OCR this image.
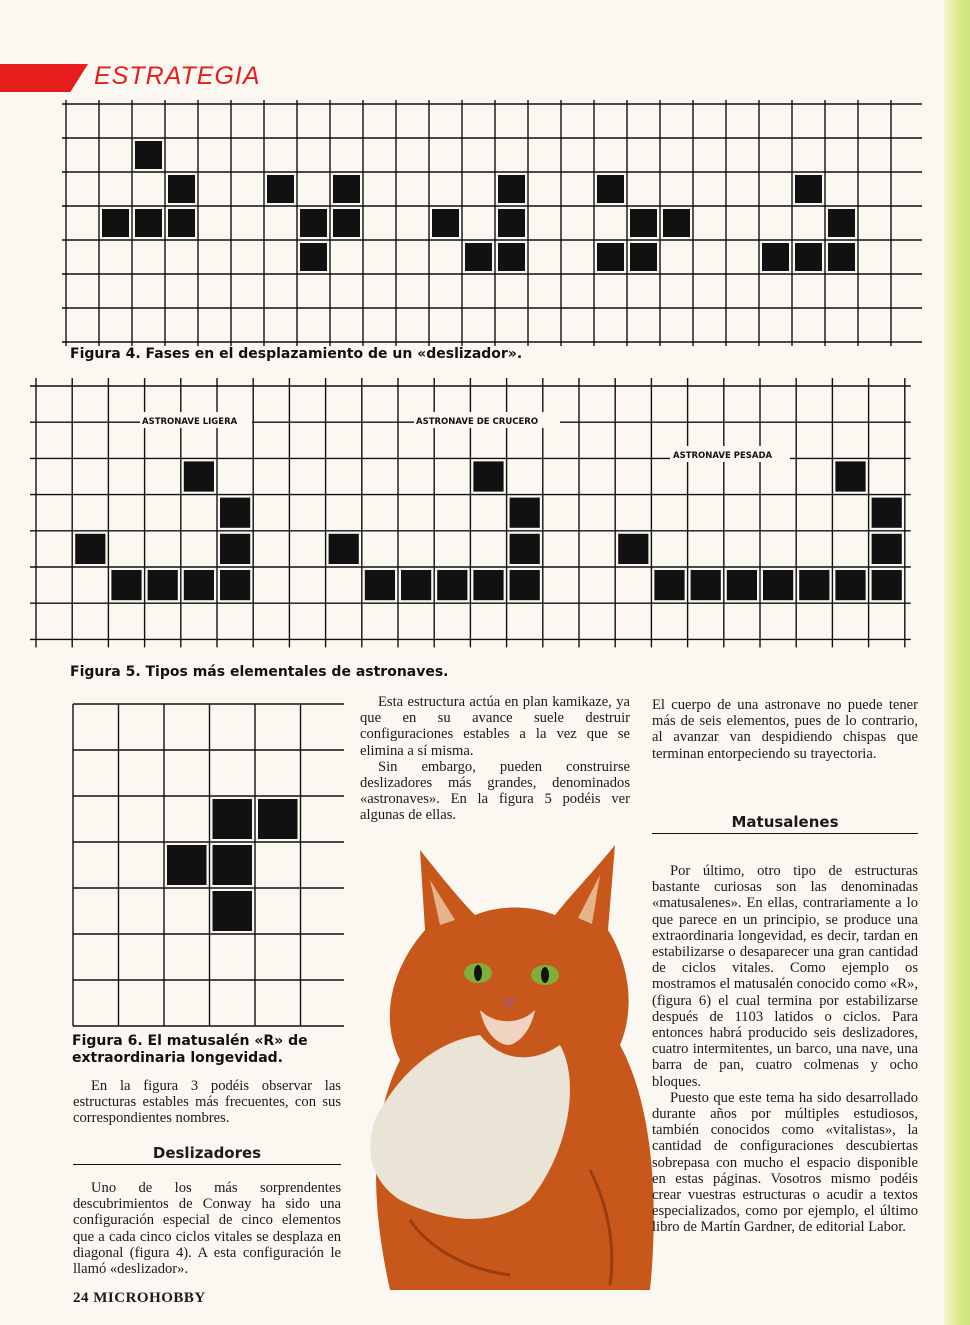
ESTRATEGIA
Figura 4. Fases en el desplazamiento de un «deslizador».
ASTRONAVE LIGERA	ASTRONAVE DE CRUCERO
ASTRONAVE PESADA
Figura 5. Tipos más elementales de astronaves.
Figura 6. El matusalén «R» de extraordinaria longevidad.

En la figura 3 podéis observar las estructuras estables más frecuentes, con sus correspondientes nombres.

Deslizadores

Uno de los más sorprendentes descubrimientos de Conway ha sido una configuración especial de cinco elementos que a cada cinco ciclos vitales se desplaza en diagonal (figura 4). A esta configuración le llamó «deslizador».

Esta estructura actúa en plan kamikaze, ya que en su avance suele destruir configuraciones estables a la vez que se elimina a sí misma.

Sin embargo, pueden construirse deslizadores más grandes, denominados «astronaves». En la figura 5 podéis ver algunas de ellas.

El cuerpo de una astronave no puede tener más de seis elementos, pues de lo contrario, al avanzar van despidiendo chispas que terminan entorpeciendo su trayectoria.

Matusalenes

Por último, otro tipo de estructuras bastante curiosas son las denominadas «matusalenes». En ellas, contrariamente a lo que parece en un principio, se produce una extraordinaria longevidad, es decir, tardan en estabilizarse o desaparecer una gran cantidad de ciclos vitales. Como ejemplo os mostramos el matusalén conocido como «R», (figura 6) el cual termina por estabilizarse después de 1103 latidos o ciclos. Para entonces habrá producido seis deslizadores, cuatro intermitentes, un barco, una nave, una barra de pan, cuatro colmenas y ocho bloques.

Puesto que este tema ha sido desarrollado durante años por múltiples estudiosos, también conocidos como «vitalistas», la cantidad de configuraciones descubiertas sobrepasa con mucho el espacio disponible en estas páginas. Vosotros mismo podéis crear vuestras estructuras o acudir a textos especializados, como por ejemplo, el último libro de Martín Gardner, de editorial Labor.

24 MICROHOBBY
